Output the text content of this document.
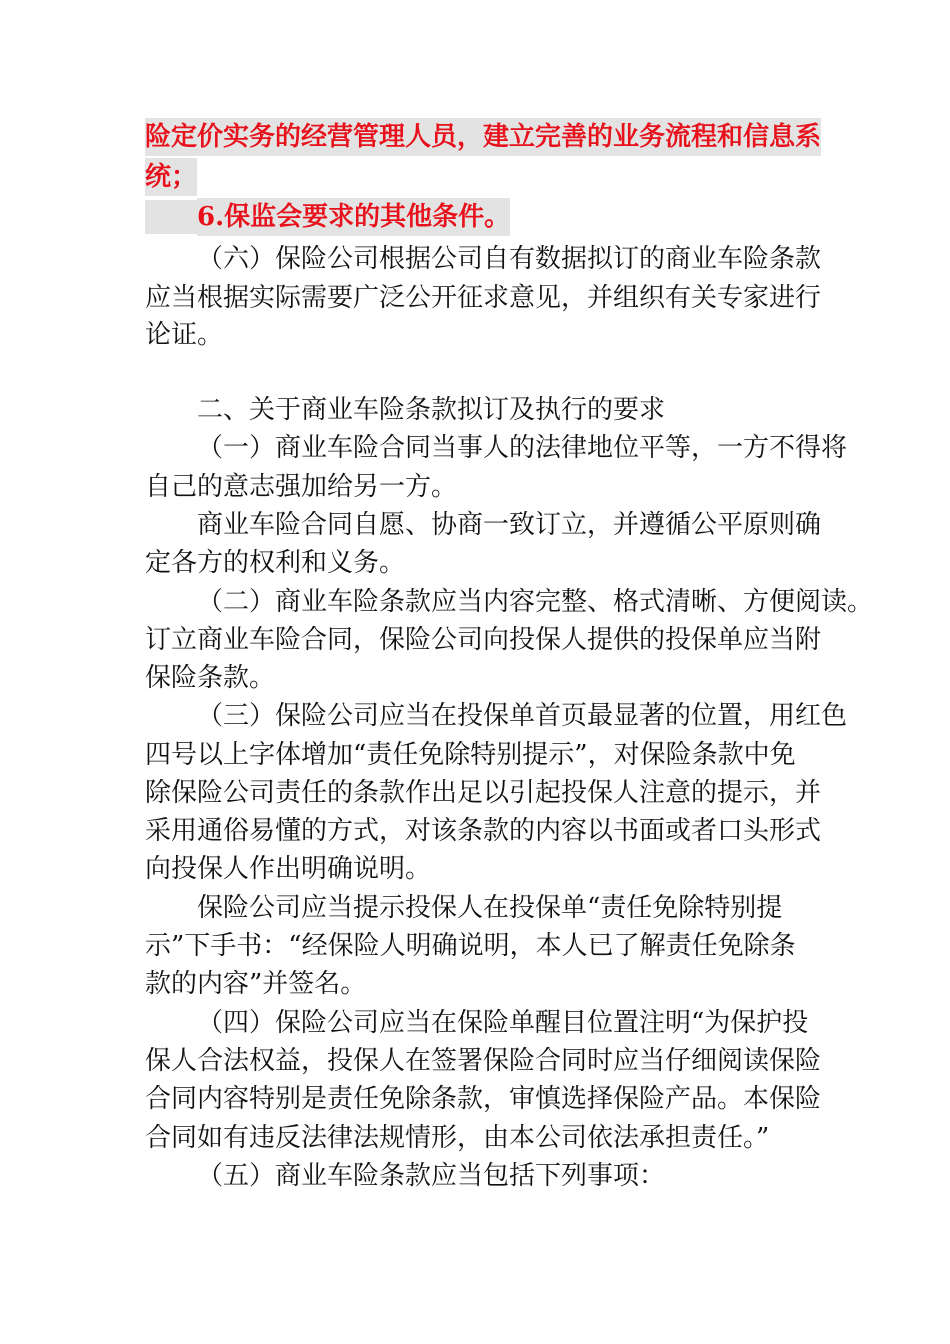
险定价实务的经营管理人员，建立完善的业务流程和信息系
统；
6.保监会要求的其他条件。
（六）保险公司根据公司自有数据拟订的商业车险条款
应当根据实际需要广泛公开征求意见，并组织有关专家进行
论证。
二、关于商业车险条款拟订及执行的要求
（一）商业车险合同当事人的法律地位平等，一方不得将
自己的意志强加给另一方。
商业车险合同自愿、协商一致订立，并遵循公平原则确
定各方的权利和义务。
（二）商业车险条款应当内容完整、格式清晰、方便阅读。
订立商业车险合同，保险公司向投保人提供的投保单应当附
保险条款。
（三）保险公司应当在投保单首页最显著的位置，用红色
四号以上字体增加“责任免除特别提示”，对保险条款中免
除保险公司责任的条款作出足以引起投保人注意的提示，并
采用通俗易懂的方式，对该条款的内容以书面或者口头形式
向投保人作出明确说明。
保险公司应当提示投保人在投保单“责任免除特别提
示”下手书：“经保险人明确说明，本人已了解责任免除条
款的内容”并签名。
（四）保险公司应当在保险单醒目位置注明“为保护投
保人合法权益，投保人在签署保险合同时应当仔细阅读保险
合同内容特别是责任免除条款，审慎选择保险产品。本保险
合同如有违反法律法规情形，由本公司依法承担责任。”
（五）商业车险条款应当包括下列事项：
